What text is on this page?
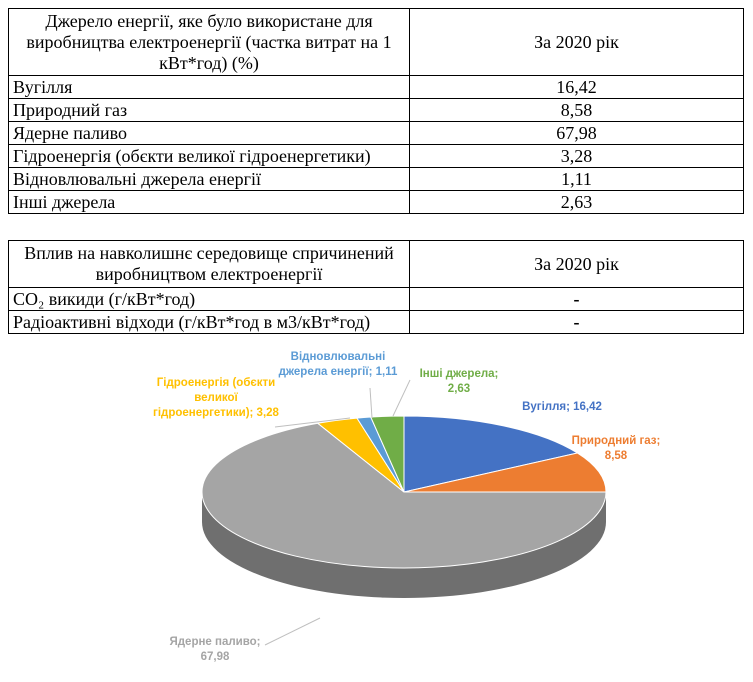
Джерело енергії, яке було використане для виробництва електроенергії (частка витрат на 1 кВт*год) (%)	За 2020 рік
Вугілля	16,42
Природний газ	8,58
Ядерне паливо	67,98
Гідроенергія (обєкти великої гідроенергетики)	3,28
Відновлювальні джерела енергії	1,11
Інші джерела	2,63
Вплив на навколишнє середовище спричинений виробництвом електроенергії	За 2020 рік
CO₂ викиди (г/кВт*год)	-
Радіоактивні відходи (г/кВт*год в м3/кВт*год)	-
Вугілля; 16,42
Природний газ; 8,58
Ядерне паливо; 67,98
Гідроенергія (обєкти великої гідроенергетики); 3,28
Відновлювальні джерела енергії; 1,11 Інші джерела; 2,63
